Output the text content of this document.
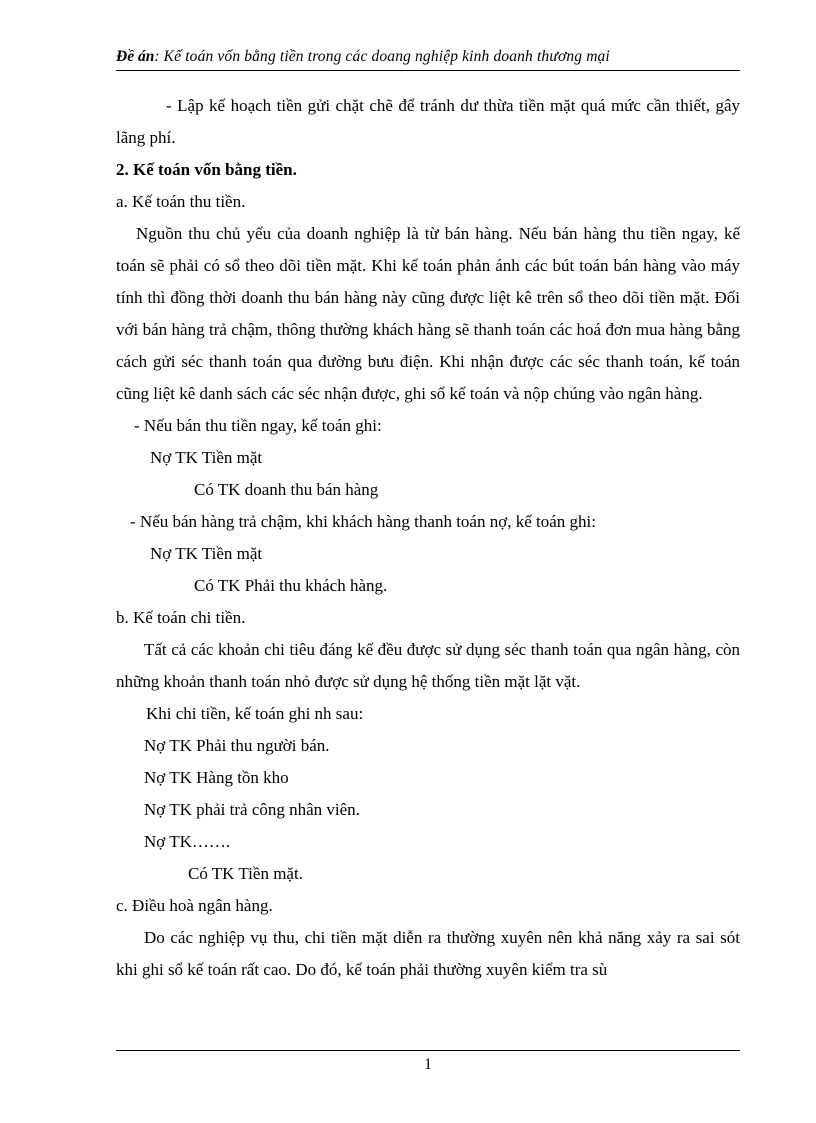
Đề án: Kế toán vốn bằng tiền trong các doang nghiệp kinh doanh thương mại

- Lập kế hoạch tiền gửi chặt chẽ để tránh dư thừa tiền mặt quá mức cần thiết, gây lãng phí.

2. Kế toán vốn bằng tiền.

a. Kế toán thu tiền.

Nguồn thu chủ yếu của doanh nghiệp là từ bán hàng. Nếu bán hàng thu tiền ngay, kế toán sẽ phải có sổ theo dõi tiền mặt. Khi kế toán phản ánh các bút toán bán hàng vào máy tính thì đồng thời doanh thu bán hàng này cũng được liệt kê trên sổ theo dõi tiền mặt. Đối với bán hàng trả chậm, thông thường khách hàng sẽ thanh toán các hoá đơn mua hàng bằng cách gửi séc thanh toán qua đường bưu điện. Khi nhận được các séc thanh toán, kế toán cũng liệt kê danh sách các séc nhận được, ghi sổ kế toán và nộp chúng vào ngân hàng.

- Nếu bán thu tiền ngay, kế toán ghi:

Nợ TK Tiền mặt

Có TK doanh thu bán hàng

- Nếu bán hàng trả chậm, khi khách hàng thanh toán nợ, kế toán ghi:

Nợ TK Tiền mặt

Có TK Phải thu khách hàng.

b. Kế toán chi tiền.

Tất cả các khoản chi tiêu đáng kể đều được sử dụng séc thanh toán qua ngân hàng, còn những khoản thanh toán nhỏ được sử dụng hệ thống tiền mặt lặt vặt.

Khi chi tiền, kế toán ghi nh sau:

Nợ TK Phải thu người bán.

Nợ TK Hàng tồn kho

Nợ TK phải trả công nhân viên.

Nợ TK…….

Có TK Tiền mặt.

c. Điều hoà ngân hàng.

Do các nghiệp vụ thu, chi tiền mặt diễn ra thường xuyên nên khả năng xảy ra sai sót khi ghi sổ kế toán rất cao. Do đó, kế toán phải thường xuyên kiểm tra sù

1
